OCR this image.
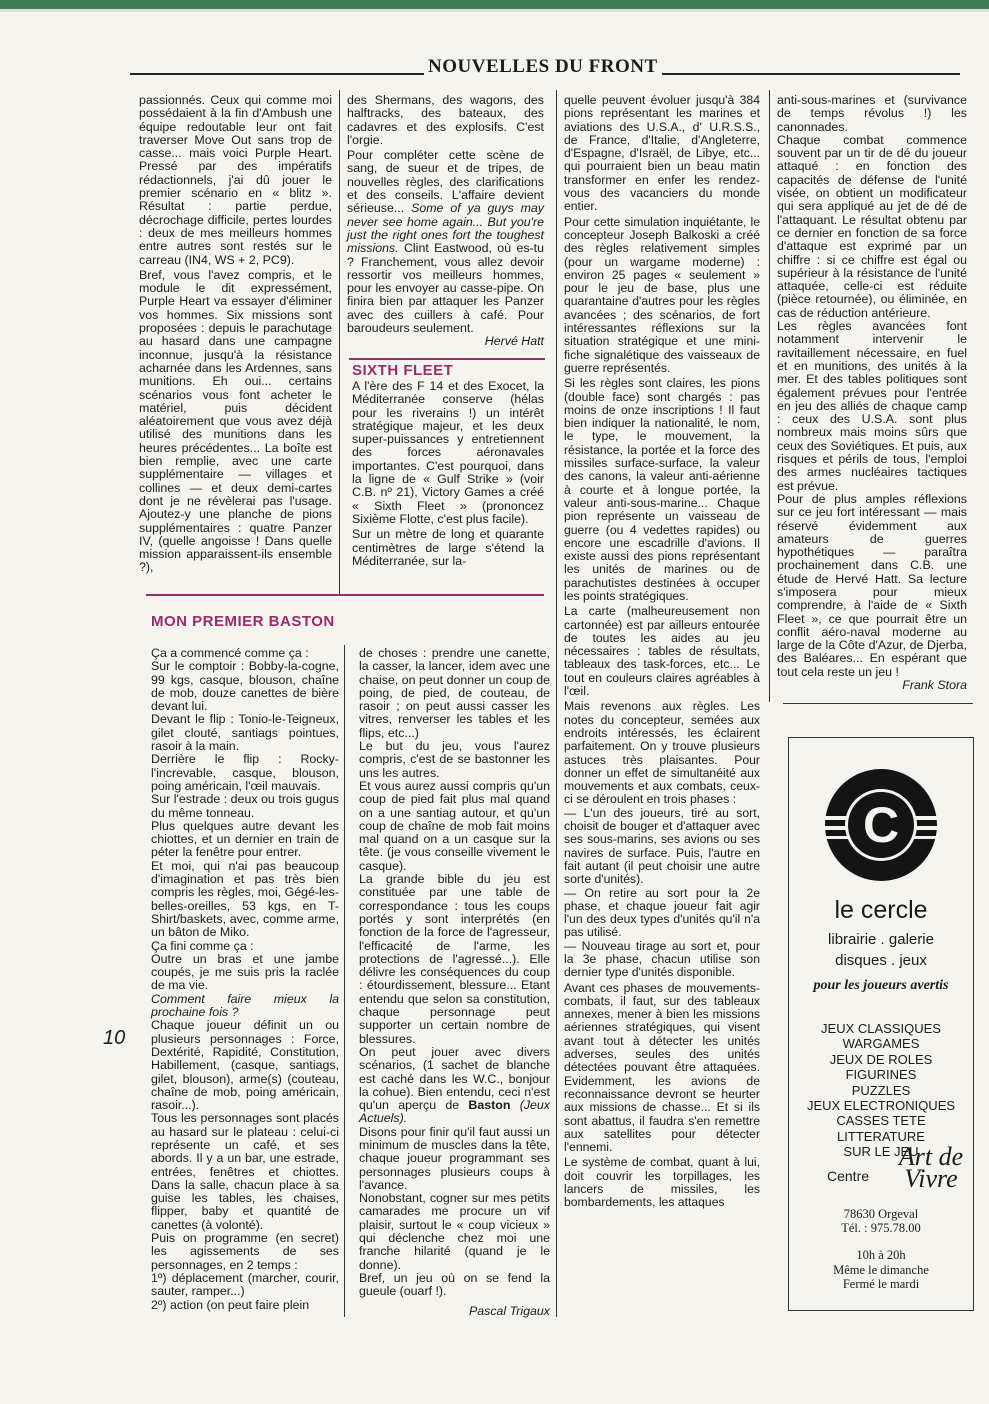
NOUVELLES DU FRONT

passionnés. Ceux qui comme moi possédaient à la fin d'Ambush une équipe redoutable leur ont fait traverser Move Out sans trop de casse... mais voici Purple Heart. Pressé par des impératifs rédactionnels, j'ai dû jouer le premier scénario en « blitz ». Résultat : partie perdue, décrochage difficile, pertes lourdes : deux de mes meilleurs hommes entre autres sont restés sur le carreau (IN4, WS + 2, PC9).

Bref, vous l'avez compris, et le module le dit expressément, Purple Heart va essayer d'éliminer vos hommes. Six missions sont proposées : depuis le parachutage au hasard dans une campagne inconnue, jusqu'à la résistance acharnée dans les Ardennes, sans munitions. Eh oui... certains scénarios vous font acheter le matériel, puis décident aléatoirement que vous avez déjà utilisé des munitions dans les heures précédentes... La boîte est bien remplie, avec une carte supplémentaire — villages et collines — et deux demi-cartes dont je ne révèlerai pas l'usage. Ajoutez-y une planche de pions supplémentaires : quatre Panzer IV, (quelle angoisse ! Dans quelle mission apparaissent-ils ensemble ?),

des Shermans, des wagons, des halftracks, des bateaux, des cadavres et des explosifs. C'est l'orgie.

Pour compléter cette scène de sang, de sueur et de tripes, de nouvelles règles, des clarifications et des conseils. L'affaire devient sérieuse... Some of ya guys may never see home again... But you're just the right ones fort the toughest missions. Clint Eastwood, où es-tu ? Franchement, vous allez devoir ressortir vos meilleurs hommes, pour les envoyer au casse-pipe. On finira bien par attaquer les Panzer avec des cuillers à café. Pour baroudeurs seulement.

Hervé Hatt
SIXTH FLEET

A l'ère des F 14 et des Exocet, la Méditerranée conserve (hélas pour les riverains !) un intérêt stratégique majeur, et les deux super-puissances y entretiennent des forces aéronavales importantes. C'est pourquoi, dans la ligne de « Gulf Strike » (voir C.B. nº 21), Victory Games a créé « Sixth Fleet » (prononcez Sixième Flotte, c'est plus facile).

Sur un mètre de long et quarante centimètres de large s'étend la Méditerranée, sur la-

MON PREMIER BASTON

Ça a commencé comme ça :

Sur le comptoir : Bobby-la-cogne, 99 kgs, casque, blouson, chaîne de mob, douze canettes de bière devant lui.

Devant le flip : Tonio-le-Teigneux, gilet clouté, santiags pointues, rasoir à la main.

Derrière le flip : Rocky-l'increvable, casque, blouson, poing américain, l'œil mauvais.

Sur l'estrade : deux ou trois gugus du même tonneau.

Plus quelques autre devant les chiottes, et un dernier en train de péter la fenêtre pour entrer.

Et moi, qui n'ai pas beaucoup d'imagination et pas très bien compris les règles, moi, Gégé-les-belles-oreilles, 53 kgs, en T-Shirt/baskets, avec, comme arme, un bâton de Miko.

Ça fini comme ça :

Outre un bras et une jambe coupés, je me suis pris la raclée de ma vie.

Comment faire mieux la prochaine fois ?

Chaque joueur définit un ou plusieurs personnages : Force, Dextérité, Rapidité, Constitution, Habillement, (casque, santiags, gilet, blouson), arme(s) (couteau, chaîne de mob, poing américain, rasoir...).

Tous les personnages sont placés au hasard sur le plateau : celui-ci représente un café, et ses abords. Il y a un bar, une estrade, entrées, fenêtres et chiottes. Dans la salle, chacun place à sa guise les tables, les chaises, flipper, baby et quantité de canettes (à volonté).

Puis on programme (en secret) les agissements de ses personnages, en 2 temps :

1º) déplacement (marcher, courir, sauter, ramper...)

2º) action (on peut faire plein

de choses : prendre une canette, la casser, la lancer, idem avec une chaise, on peut donner un coup de poing, de pied, de couteau, de rasoir ; on peut aussi casser les vitres, renverser les tables et les flips, etc...)

Le but du jeu, vous l'aurez compris, c'est de se bastonner les uns les autres.

Et vous aurez aussi compris qu'un coup de pied fait plus mal quand on a une santiag autour, et qu'un coup de chaîne de mob fait moins mal quand on a un casque sur la tête. (je vous conseille vivement le casque).

La grande bible du jeu est constituée par une table de correspondance : tous les coups portés y sont interprétés (en fonction de la force de l'agresseur, l'efficacité de l'arme, les protections de l'agressé...). Elle délivre les conséquences du coup : étourdissement, blessure... Etant entendu que selon sa constitution, chaque personnage peut supporter un certain nombre de blessures.

On peut jouer avec divers scénarios, (1 sachet de blanche est caché dans les W.C., bonjour la cohue). Bien entendu, ceci n'est qu'un aperçu de Baston (Jeux Actuels).

Disons pour finir qu'il faut aussi un minimum de muscles dans la tête, chaque joueur programmant ses personnages plusieurs coups à l'avance.

Nonobstant, cogner sur mes petits camarades me procure un vif plaisir, surtout le « coup vicieux » qui déclenche chez moi une franche hilarité (quand je le donne).

Bref, un jeu où on se fend la gueule (ouarf !).

Pascal Trigaux

quelle peuvent évoluer jusqu'à 384 pions représentant les marines et aviations des U.S.A., d' U.R.S.S., de France, d'Italie, d'Angleterre, d'Espagne, d'Israël, de Libye, etc... qui pourraient bien un beau matin transformer en enfer les rendez-vous des vacanciers du monde entier.

Pour cette simulation inquiétante, le concepteur Joseph Balkoski a créé des règles relativement simples (pour un wargame moderne) : environ 25 pages « seulement » pour le jeu de base, plus une quarantaine d'autres pour les règles avancées ; des scénarios, de fort intéressantes réflexions sur la situation stratégique et une mini-fiche signalétique des vaisseaux de guerre représentés.

Si les règles sont claires, les pions (double face) sont chargés : pas moins de onze inscriptions ! Il faut bien indiquer la nationalité, le nom, le type, le mouvement, la résistance, la portée et la force des missiles surface-surface, la valeur des canons, la valeur anti-aérienne à courte et à longue portée, la valeur anti-sous-marine... Chaque pion représente un vaisseau de guerre (ou 4 vedettes rapides) ou encore une escadrille d'avions. Il existe aussi des pions représentant les unités de marines ou de parachutistes destinées à occuper les points stratégiques.

La carte (malheureusement non cartonnée) est par ailleurs entourée de toutes les aides au jeu nécessaires : tables de résultats, tableaux des task-forces, etc... Le tout en couleurs claires agréables à l'œil.

Mais revenons aux règles. Les notes du concepteur, semées aux endroits intéressés, les éclairent parfaitement. On y trouve plusieurs astuces très plaisantes. Pour donner un effet de simultanéité aux mouvements et aux combats, ceux-ci se déroulent en trois phases :

— L'un des joueurs, tiré au sort, choisit de bouger et d'attaquer avec ses sous-marins, ses avions ou ses navires de surface. Puis, l'autre en fait autant (il peut choisir une autre sorte d'unités).

— On retire au sort pour la 2e phase, et chaque joueur fait agir l'un des deux types d'unités qu'il n'a pas utilisé.

— Nouveau tirage au sort et, pour la 3e phase, chacun utilise son dernier type d'unités disponible.

Avant ces phases de mouvements-combats, il faut, sur des tableaux annexes, mener à bien les missions aériennes stratégiques, qui visent avant tout à détecter les unités adverses, seules des unités détectées pouvant être attaquées. Evidemment, les avions de reconnaissance devront se heurter aux missions de chasse... Et si ils sont abattus, il faudra s'en remettre aux satellites pour détecter l'ennemi.

Le système de combat, quant à lui, doit couvrir les torpillages, les lancers de missiles, les bombardements, les attaques

anti-sous-marines et (survivance de temps révolus !) les canonnades.

Chaque combat commence souvent par un tir de dé du joueur attaqué : en fonction des capacités de défense de l'unité visée, on obtient un modificateur qui sera appliqué au jet de dé de l'attaquant. Le résultat obtenu par ce dernier en fonction de sa force d'attaque est exprimé par un chiffre : si ce chiffre est égal ou supérieur à la résistance de l'unité attaquée, celle-ci est réduite (pièce retournée), ou éliminée, en cas de réduction antérieure.

Les règles avancées font notamment intervenir le ravitaillement nécessaire, en fuel et en munitions, des unités à la mer. Et des tables politiques sont également prévues pour l'entrée en jeu des alliés de chaque camp : ceux des U.S.A. sont plus nombreux mais moins sûrs que ceux des Soviétiques. Et puis, aux risques et périls de tous, l'emploi des armes nucléaires tactiques est prévue.

Pour de plus amples réflexions sur ce jeu fort intéressant — mais réservé évidemment aux amateurs de guerres hypothétiques — paraîtra prochainement dans C.B. une étude de Hervé Hatt. Sa lecture s'imposera pour mieux comprendre, à l'aide de « Sixth Fleet », ce que pourrait être un conflit aéro-naval moderne au large de la Côte d'Azur, de Djerba, des Baléares... En espérant que tout cela reste un jeu !

Frank Stora
10
C
le cercle
librairie . galerie
disques . jeux
pour les joueurs avertis
JEUX CLASSIQUES
WARGAMES
JEUX DE ROLES
FIGURINES
PUZZLES
JEUX ELECTRONIQUES
CASSES TETE
LITTERATURE
SUR LE JEU
Centre
Art de Vivre
78630 Orgeval
Tél. : 975.78.00
10h à 20h
Même le dimanche
Fermé le mardi
